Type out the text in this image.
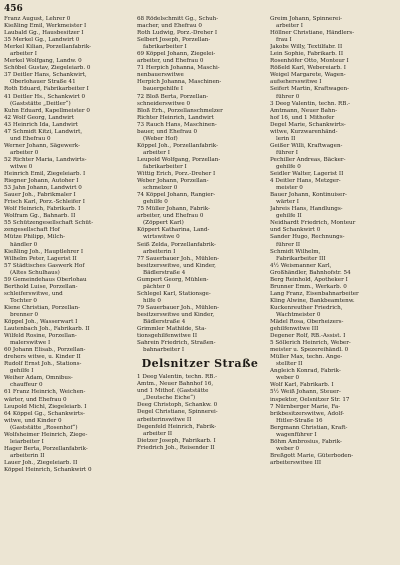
456
Franz August, Lehrer 0
Kießling Emil, Werkmeister I
Laubald Gg., Hausbesitzer I
35 Merkel Gg., Landwirt 0
Merkel Kilian, Porzellanfabrik-
arbeiter I
Merkel Wolfgang, Landw. 0
Schöbel Gustav, Ziegeleiarb. 0
37 Deitler Hans, Schankwirt,
Oberlohauer Straße 41
Roth Eduard, Fabrikarbeiter I
41 Deitler Hs., Schankwirt 0
(Gaststätte „Deitler“)
Kuhn Eduard, Kapellmeister 0
42 Wolf Georg, Landwirt
43 Heinrich Ida, Landwirt
47 Schmidt Kitzi, Landwirt,
und Ehefrau 0
Werner Johann, Sägewerk-
arbeiter 0
52 Richter Maria, Landwirts-
witwe 0
Heinrich Emil, Ziegeleiarb. I
Riegner Johann, Autoher I
53 Jahn Johann, Landwirt 0
Sauer Joh., Fabrikmaler I
Frisch Karl, Porz.-Schleifer I
Wolf Heinrich, Fabrikarb. I
Wolfram Gg., Bahnarb. II
55 Schützengesellschaft Schüt-
zengesellschaft Hof
Mütze Philipp, Milch-
händler 0
Kießling Joh., Hauptlehrer I
Wilhelm Peter, Lagerist II
57 Städtisches Gaswerk Hof
(Altes Schulhaus)
59 Gemeindehaus Oberlohau
Berthold Luise, Porzellan-
schleiferswitwe, und
Tochter 0
Kiene Christian, Porzellan-
brenner 0
Köppel Joh., Wasserwart I
Lautenbach Joh., Fabrikarb. II
Wilfeld Rosine, Porzellan-
malerswitwe I
60 Johann Elisab., Porzellan-
drehers witwe, u. Kinder II
Rudolf Ernst Joh., Stations-
gehilfe I
Weiher Adam, Omnibus-
chauffeur 0
61 Franz Heinrich, Weichen-
wärter, und Ehefrau 0
Leupold Michl, Ziegeleiarb. I
64 Köppel Gg., Schankwirts-
witwe, und Kinder 0
(Gaststätte „Rosenhof“)
Wolfsheimer Heinrich, Ziege-
leiarbeiter I
Hager Berta, Porzellanfabrik-
arbeiterin II
Lauer Joh., Ziegeleiarb. II
Köppel Heinrich, Schankwirt 0
68 Rödelschmitt Gg., Schuh-
macher, und Ehefrau 0
Roth Ludwig, Porz.-Dreher I
Selbert Joseph, Porzellan-
fabrikarbeiter I
69 Köppel Johann, Ziegelei-
arbeiter, und Ehefrau 0
71 Herpich Johanna, Maschi-
nenbauerswitwe
Herpich Johanna, Maschinen-
bauergehilfe I
72 Bloß Berta, Porzellan-
schneiderswitwe 0
Bloß Erh., Porzellanschmelzer
Richter Heinrich, Landwirt
73 Rauch Hans, Maschinen-
bauer, und Ehefrau 0
(Weber Hof)
Köppel Joh., Porzellanfabrik-
arbeiter I
Leupold Wolfgang, Porzellan-
fabrikarbeiter I
Wittig Erich, Porz.-Dreher I
Weber Johann, Porzellan-
schmelzer 0
74 Köppel Johann, Rangier-
gehilfe 0
75 Müller Johann, Fabrik-
arbeiter, und Ehefrau 0
(Zöppert Karl)
Köppert Katharina, Land-
wirtswitwe 0
Seiß Zelda, Porzellanfabrik-
arbeiterin I
77 Sauerbauer Joh., Mühlen-
besitzerswitwe, und Kinder,
Bädlerstraße 4
Gumpert Georg, Mühlen-
pächter 0
Schlegel Karl, Stationsge-
hilfe 0
79 Sauerbauer Joh., Mühlen-
besitzerswitwe und Kinder,
Bädlerstraße 4
Grimmler Mathilde, Sta-
tionsgehilfenwitwe II
Sahrein Friedrich, Straßen-
bahnarbeiter I
Delsnitzer Straße
1 Deeg Valentin, techn. RB.-
Amtm., Neuer Bahnhof 16,
und 1 Mithof. (Gaststätte
„Deutsche Eiche“)
Deeg Christoph, Schankw. 0
Degel Christiane, Spinnerei-
arbeiterinswitwe II
Degenfeld Heinrich, Fabrik-
arbeiter II
Dietzer Joseph, Fabrikarb. I
Friedrich Joh., Reisender II
Greim Johann, Spinnerei-
arbeiter I
Höllner Christiane, Händlers-
frau I
Jakobs Willy, Textilfabr. II
Lein Sophie, Fabrikarb. II
Rosenhöfer Otto, Monteur I
Rößeld Karl, Webereiarb. I
Weigel Margarete, Wagen-
aufsehersswitwe I
Seifert Martin, Kraftwagen-
führer 0
3 Deeg Valentin, techn. RB.-
Amtmann, Neuer Bahn-
hof 16, und 1 Mithofer
Degel Marie, Schankwirts-
witwe, Kurzwarenhänd-
lerin II
Geißer Willi, Kraftwagen-
führer I
Pechiller Andreas, Bäcker-
gehilfe 0
Seidler Walter, Lagerist II
4 Deitler Hans, Metzger-
meister 0
Bauer Johann, Kontinuiser-
wärter I
Jahreis Hans, Handlungs-
gehilfe II
Neidhardt Friedrich, Monteur
und Schankwirt 0
Sander Hugo, Rechnungs-
führer II
Schmidt Wilhelm,
Fabrikarbeiter III
4½ Weismanner Karl,
Großhändler, Bahnhofstr. 54
Berg Reinhold, Apotheker I
Brunner Emm., Werkarb. 0
Lang Franz, Eisenbahnarbeiter
Kling Alwine, Bankbeamtenw.
Kuckenreuther Friedrich,
Wachtmeister 0
Mädel Rosa, Oberheizers-
gehilfenwitwe III
Degener Rolf, RB.-Assist. I
5 Söllerich Heinrich, Weber-
meister u. Spezereihändl. 0
Müller Max, techn. Ange-
stellter II
Angleich Konrad, Fabrik-
weber 0
Wolf Karl, Fabrikarb. I
5½ Weiß Johann, Steuer-
inspektor, Oelsnitzer Str. 17
7 Nürnberger Marie, Fa-
brikbesitzerswitwe, Adolf-
Hitler-Straße 16
Bergmann Christian, Kraft-
wagenführer I
Böhm Ambrosius, Fabrik-
weber 0
Breßgott Marie, Güterboden-
arbeiterswitwe III
